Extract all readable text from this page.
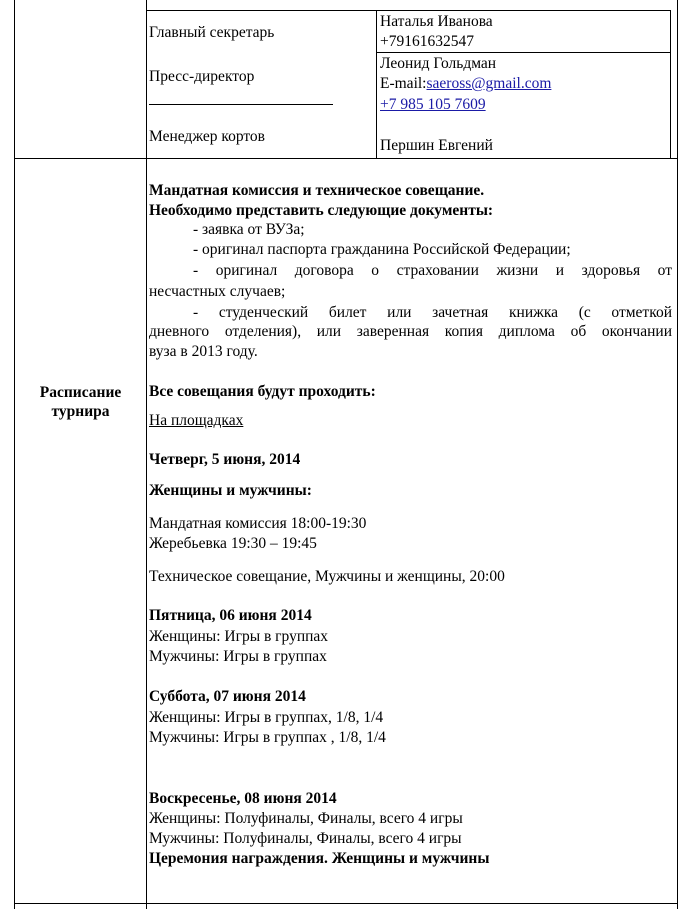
Главный секретарь
Наталья Иванова
+79161632547
Пресс-директор
Леонид Гольдман
E-mail:saeross@gmail.com
+7 985 105 7609
Менеджер кортов
Першин Евгений
Расписание
турнира
Мандатная комиссия и техническое совещание.
Необходимо представить следующие документы:
- заявка от ВУЗа;
- оригинал паспорта гражданина Российской Федерации;
- оригинал договора о страховании жизни и здоровья от
несчастных случаев;
- студенческий билет или зачетная книжка (с отметкой
дневного отделения), или заверенная копия диплома об окончании
вуза в 2013 году.
Все совещания будут проходить:
На площадках
Четверг, 5 июня, 2014
Женщины и мужчины:
Мандатная комиссия 18:00-19:30
Жеребьевка 19:30 – 19:45
Техническое совещание, Мужчины и женщины, 20:00
Пятница, 06 июня 2014
Женщины: Игры в группах
Мужчины: Игры в группах
Суббота, 07 июня 2014
Женщины: Игры в группах, 1/8, 1/4
Мужчины: Игры в группах , 1/8, 1/4
Воскресенье, 08 июня 2014
Женщины: Полуфиналы, Финалы, всего 4 игры
Мужчины: Полуфиналы, Финалы, всего 4 игры
Церемония награждения. Женщины и мужчины
